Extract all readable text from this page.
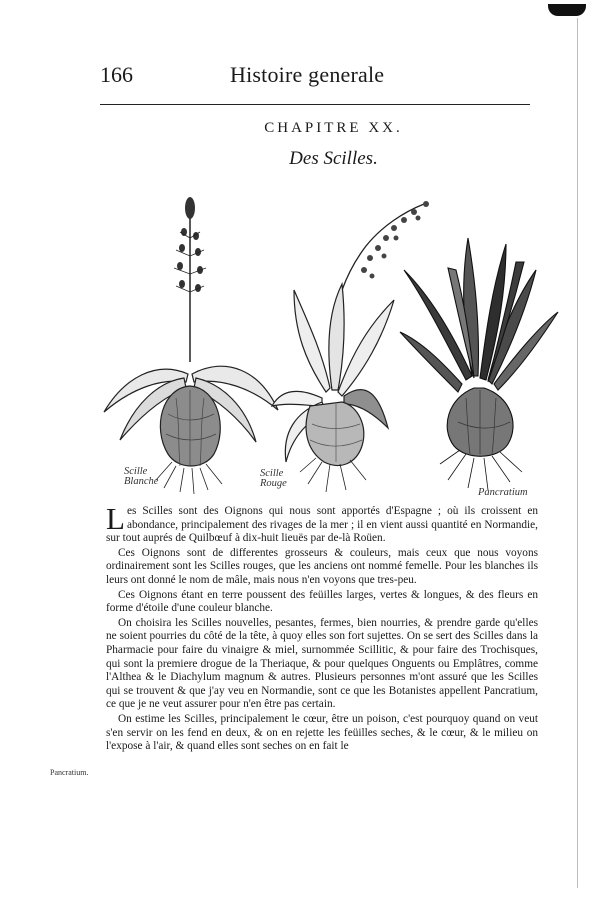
166	Histoire generale
CHAPITRE XX.
Des Scilles.
Scille
Blanche
Scille
Rouge
Pancratium

Les Scilles sont des Oignons qui nous sont apportés d'Espagne ; où ils croissent en abondance, principalement des rivages de la mer ; il en vient aussi quantité en Normandie, sur tout auprés de Quilbœuf à dix-huit lieuës par de-là Roüen.

Ces Oignons sont de differentes grosseurs & couleurs, mais ceux que nous voyons ordinairement sont les Scilles rouges, que les anciens ont nommé femelle. Pour les blanches ils leurs ont donné le nom de mâle, mais nous n'en voyons que tres-peu.

Ces Oignons étant en terre poussent des feüilles larges, vertes & longues, & des fleurs en forme d'étoile d'une couleur blanche.

On choisira les Scilles nouvelles, pesantes, fermes, bien nourries, & prendre garde qu'elles ne soient pourries du côté de la tête, à quoy elles son fort sujettes. On se sert des Scilles dans la Pharmacie pour faire du vinaigre & miel, surnommée Scillitic, & pour faire des Trochisques, qui sont la premiere drogue de la Theriaque, & pour quelques Onguents ou Emplâtres, comme l'Althea & le Diachylum magnum & autres. Plusieurs personnes m'ont assuré que les Scilles qui se trouvent & que j'ay veu en Normandie, sont ce que les Botanistes appellent Pancratium, ce que je ne veut assurer pour n'en être pas certain.

On estime les Scilles, principalement le cœur, être un poison, c'est pourquoy quand on veut s'en servir on les fend en deux, & on en rejette les feüilles seches, & le cœur, & le milieu on l'expose à l'air, & quand elles sont seches on en fait le

Pancratium.
